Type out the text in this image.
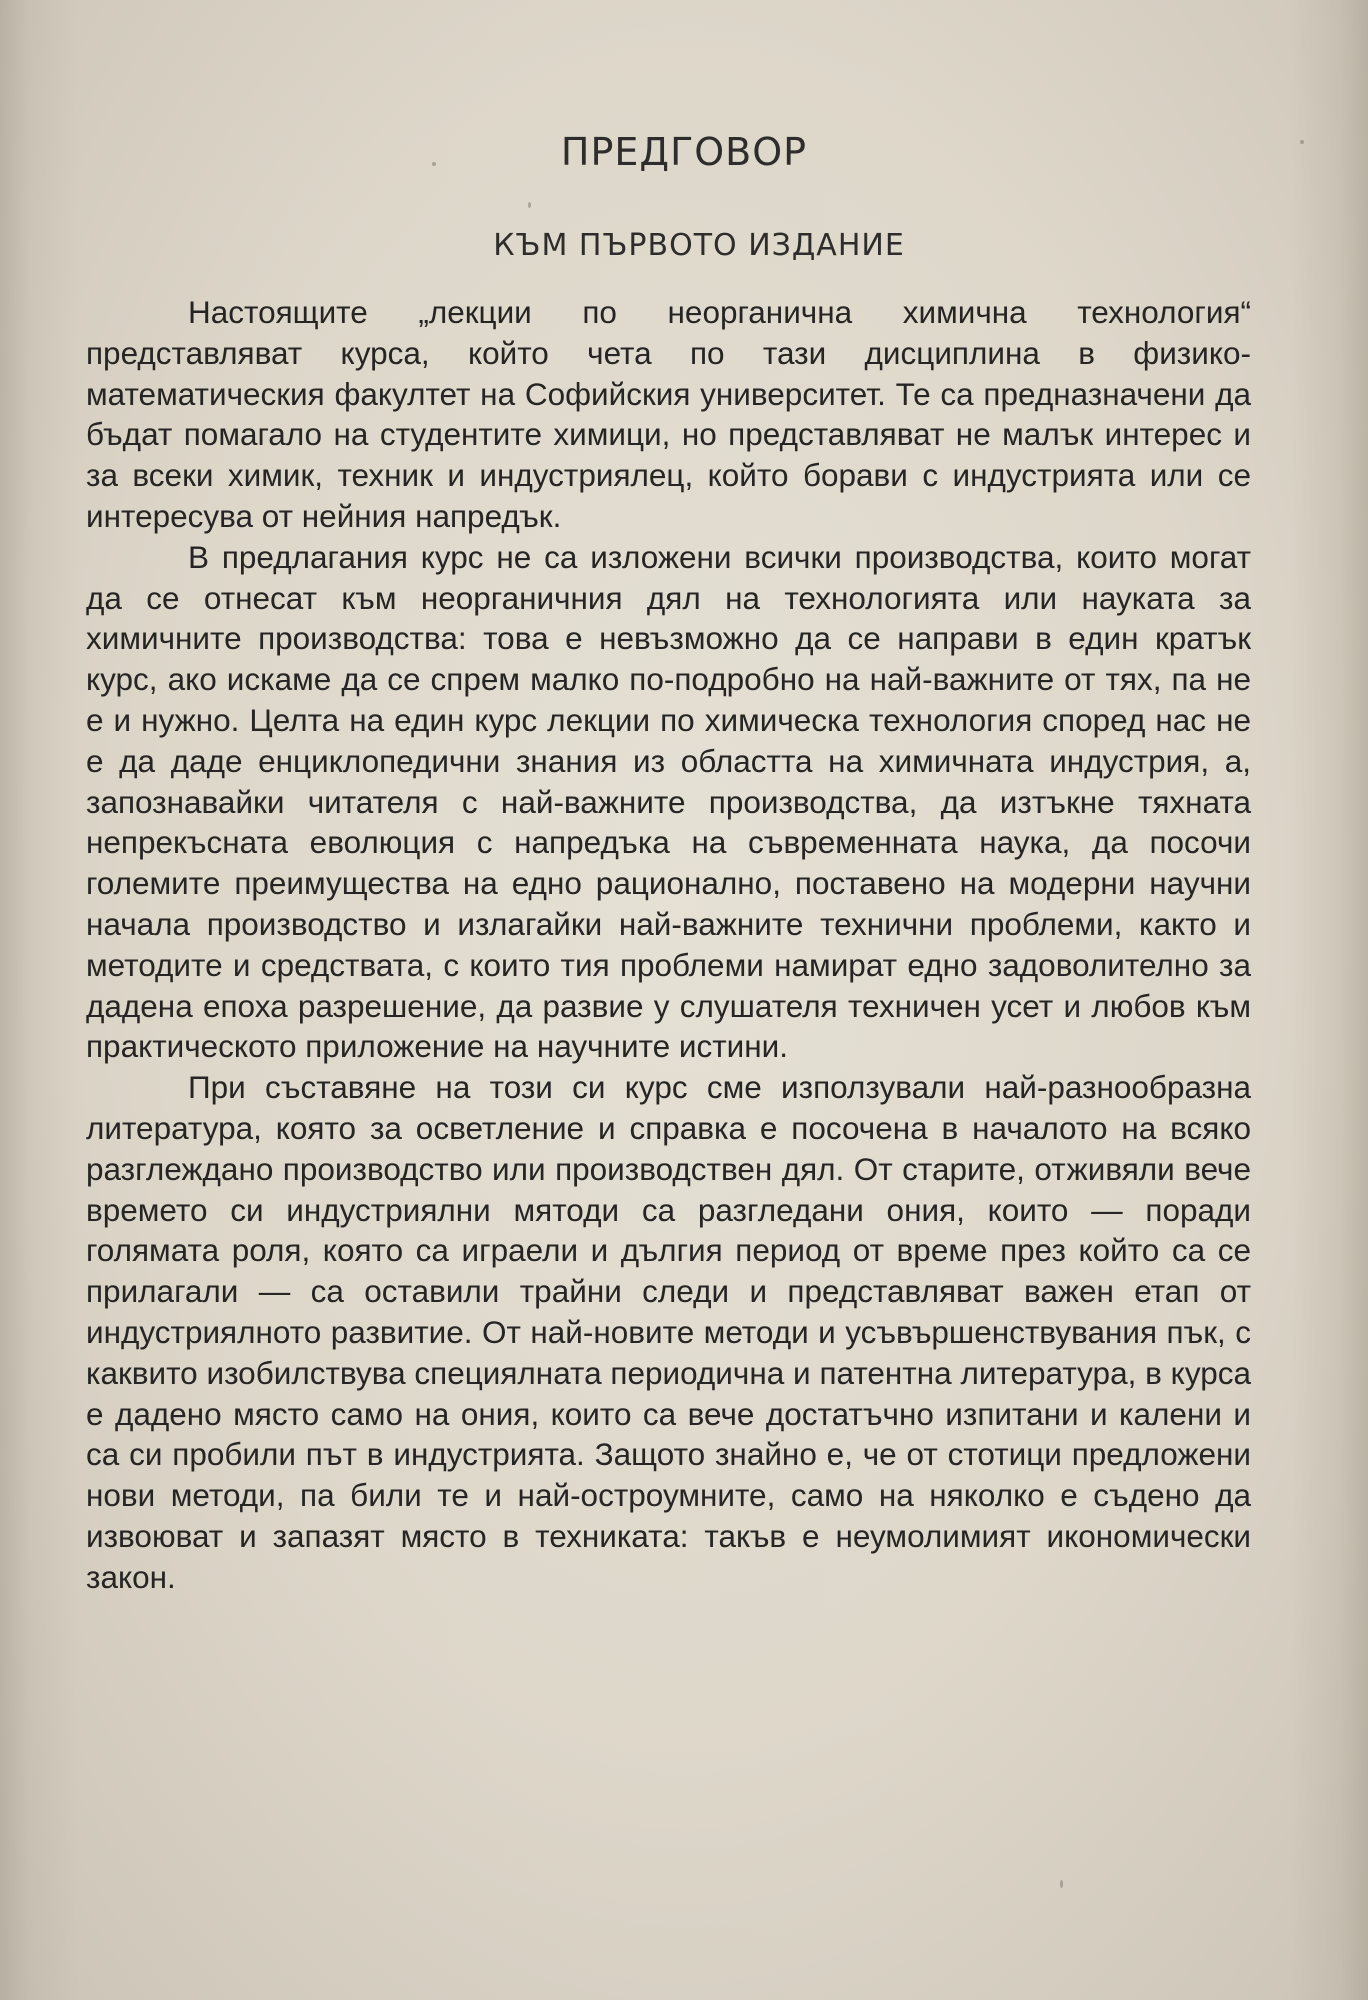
ПРЕДГОВОР
КЪМ ПЪРВОТО ИЗДАНИЕ

Настоящите „лекции по неорганична химична технология“ представляват курса, който чета по тази дисциплина в физико-математическия факултет на Софийския университет. Те са предназначени да бъдат помагало на студентите химици, но представляват не малък интерес и за всеки химик, техник и индустриялец, който борави с индустрията или се интересува от нейния напредък.

В предлагания курс не са изложени всички производства, които могат да се отнесат към неорганичния дял на технологията или науката за химичните производства: това е невъзможно да се направи в един кратък курс, ако искаме да се спрем малко по-подробно на най-важните от тях, па не е и нужно. Целта на един курс лекции по химическа технология според нас не е да даде енциклопедични знания из областта на химичната индустрия, а, запознавайки читателя с най-важните производства, да изтъкне тяхната непрекъсната еволюция с напредъка на съвременната наука, да посочи големите преимущества на едно рационално, поставено на модерни научни начала производство и излагайки най-важните технични проблеми, както и методите и средствата, с които тия проблеми намират едно задоволително за дадена епоха разрешение, да развие у слушателя техничен усет и любов към практическото приложение на научните истини.

При съставяне на този си курс сме използували най-разнообразна литература, която за осветление и справка е посочена в началото на всяко разглеждано производство или производствен дял. От старите, отживяли вече времето си индустриялни мятоди са разгледани ония, които — поради голямата роля, която са играели и дългия период от време през който са се прилагали — са оставили трайни следи и представляват важен етап от индустриялното развитие. От най-новите методи и усъвършенствувания пък, с каквито изобилствува специялната периодична и патентна литература, в курса е дадено място само на ония, които са вече достатъчно изпитани и калени и са си пробили път в индустрията. Защото знайно е, че от стотици предложени нови методи, па били те и най-остроумните, само на няколко е съдено да извоюват и запазят място в техниката: такъв е неумолимият икономически закон.
